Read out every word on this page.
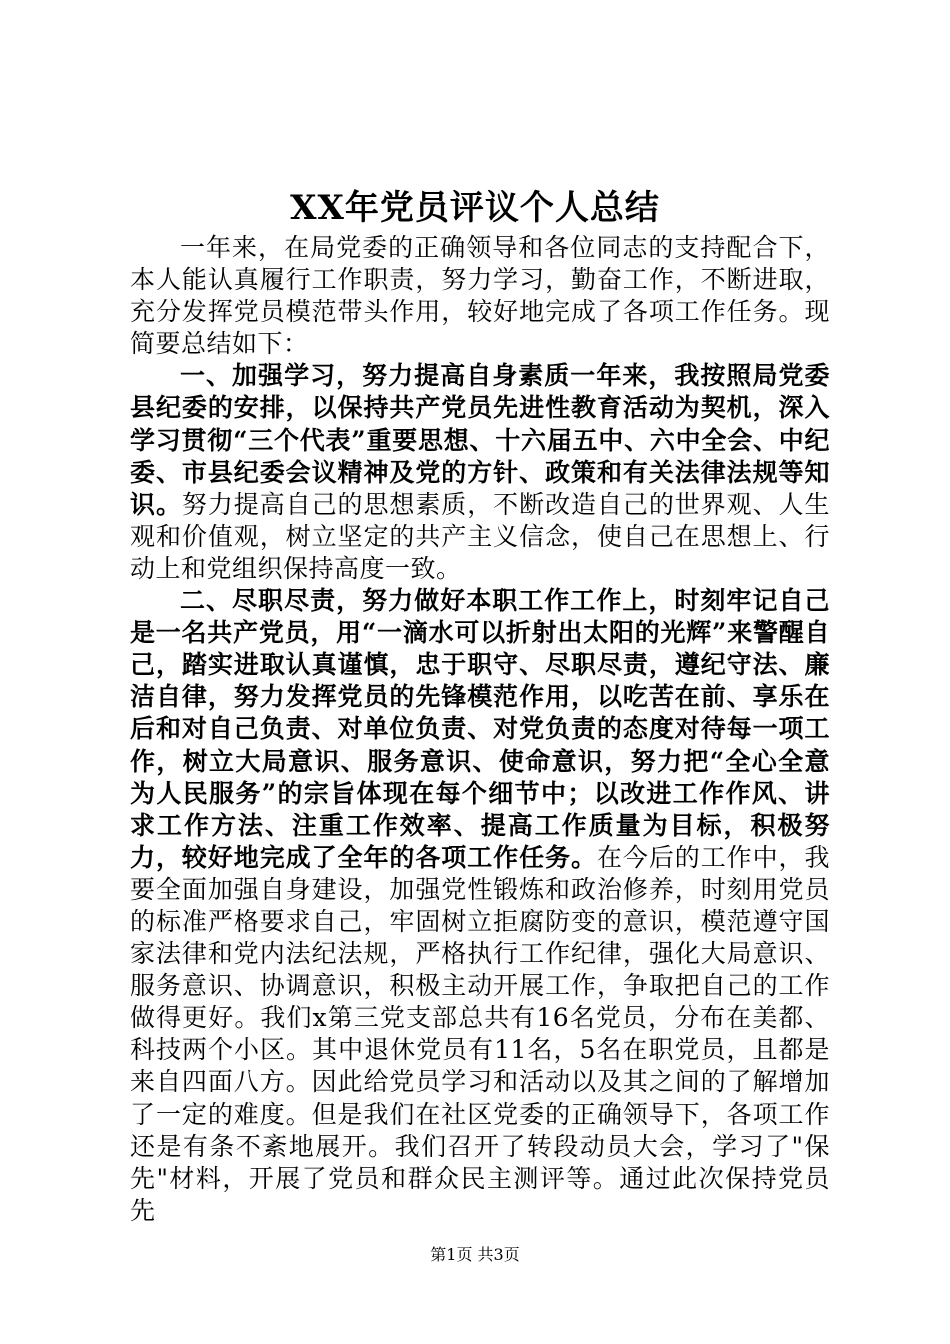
XX年党员评议个人总结

一年来，在局党委的正确领导和各位同志的支持配合下，本人能认真履行工作职责，努力学习，勤奋工作，不断进取，充分发挥党员模范带头作用，较好地完成了各项工作任务。现简要总结如下：

一、加强学习，努力提高自身素质一年来，我按照局党委县纪委的安排，以保持共产党员先进性教育活动为契机，深入学习贯彻“三个代表”重要思想、十六届五中、六中全会、中纪委、市县纪委会议精神及党的方针、政策和有关法律法规等知识。努力提高自己的思想素质，不断改造自己的世界观、人生观和价值观，树立坚定的共产主义信念，使自己在思想上、行动上和党组织保持高度一致。

二、尽职尽责，努力做好本职工作工作上，时刻牢记自己是一名共产党员，用“一滴水可以折射出太阳的光辉”来警醒自己，踏实进取认真谨慎，忠于职守、尽职尽责，遵纪守法、廉洁自律，努力发挥党员的先锋模范作用，以吃苦在前、享乐在后和对自己负责、对单位负责、对党负责的态度对待每一项工作，树立大局意识、服务意识、使命意识，努力把“全心全意为人民服务”的宗旨体现在每个细节中；以改进工作作风、讲求工作方法、注重工作效率、提高工作质量为目标，积极努力，较好地完成了全年的各项工作任务。在今后的工作中，我要全面加强自身建设，加强党性锻炼和政治修养，时刻用党员的标准严格要求自己，牢固树立拒腐防变的意识，模范遵守国家法律和党内法纪法规，严格执行工作纪律，强化大局意识、服务意识、协调意识，积极主动开展工作，争取把自己的工作做得更好。我们x第三党支部总共有16名党员，分布在美都、科技两个小区。其中退休党员有11名，5名在职党员，且都是来自四面八方。因此给党员学习和活动以及其之间的了解增加了一定的难度。但是我们在社区党委的正确领导下，各项工作还是有条不紊地展开。我们召开了转段动员大会，学习了"保先"材料，开展了党员和群众民主测评等。通过此次保持党员先

第1页 共3页
